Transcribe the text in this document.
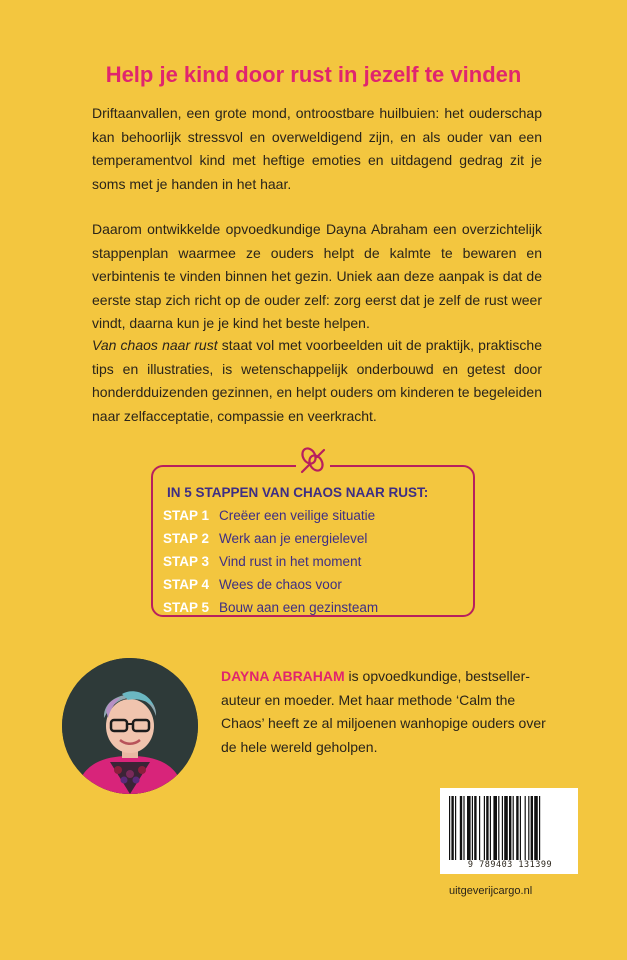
Help je kind door rust in jezelf te vinden
Driftaanvallen, een grote mond, ontroostbare huilbuien: het ouderschap kan behoorlijk stressvol en overweldigend zijn, en als ouder van een temperamentvol kind met heftige emoties en uitdagend gedrag zit je soms met je handen in het haar.
Daarom ontwikkelde opvoedkundige Dayna Abraham een overzichtelijk stappenplan waarmee ze ouders helpt de kalmte te bewaren en verbintenis te vinden binnen het gezin. Uniek aan deze aanpak is dat de eerste stap zich richt op de ouder zelf: zorg eerst dat je zelf de rust weer vindt, daarna kun je je kind het beste helpen.
Van chaos naar rust staat vol met voorbeelden uit de praktijk, praktische tips en illustraties, is wetenschappelijk onderbouwd en getest door honderdduizenden gezinnen, en helpt ouders om kinderen te begeleiden naar zelfacceptatie, compassie en veerkracht.
IN 5 STAPPEN VAN CHAOS NAAR RUST:
STAP 1 Creëer een veilige situatie
STAP 2 Werk aan je energielevel
STAP 3 Vind rust in het moment
STAP 4 Wees de chaos voor
STAP 5 Bouw aan een gezinsteam
DAYNA ABRAHAM is opvoedkundige, bestsellerauteur en moeder. Met haar methode ‘Calm the Chaos’ heeft ze al miljoenen wanhopige ouders over de hele wereld geholpen.
9 789403 131399
uitgeverijcargo.nl
